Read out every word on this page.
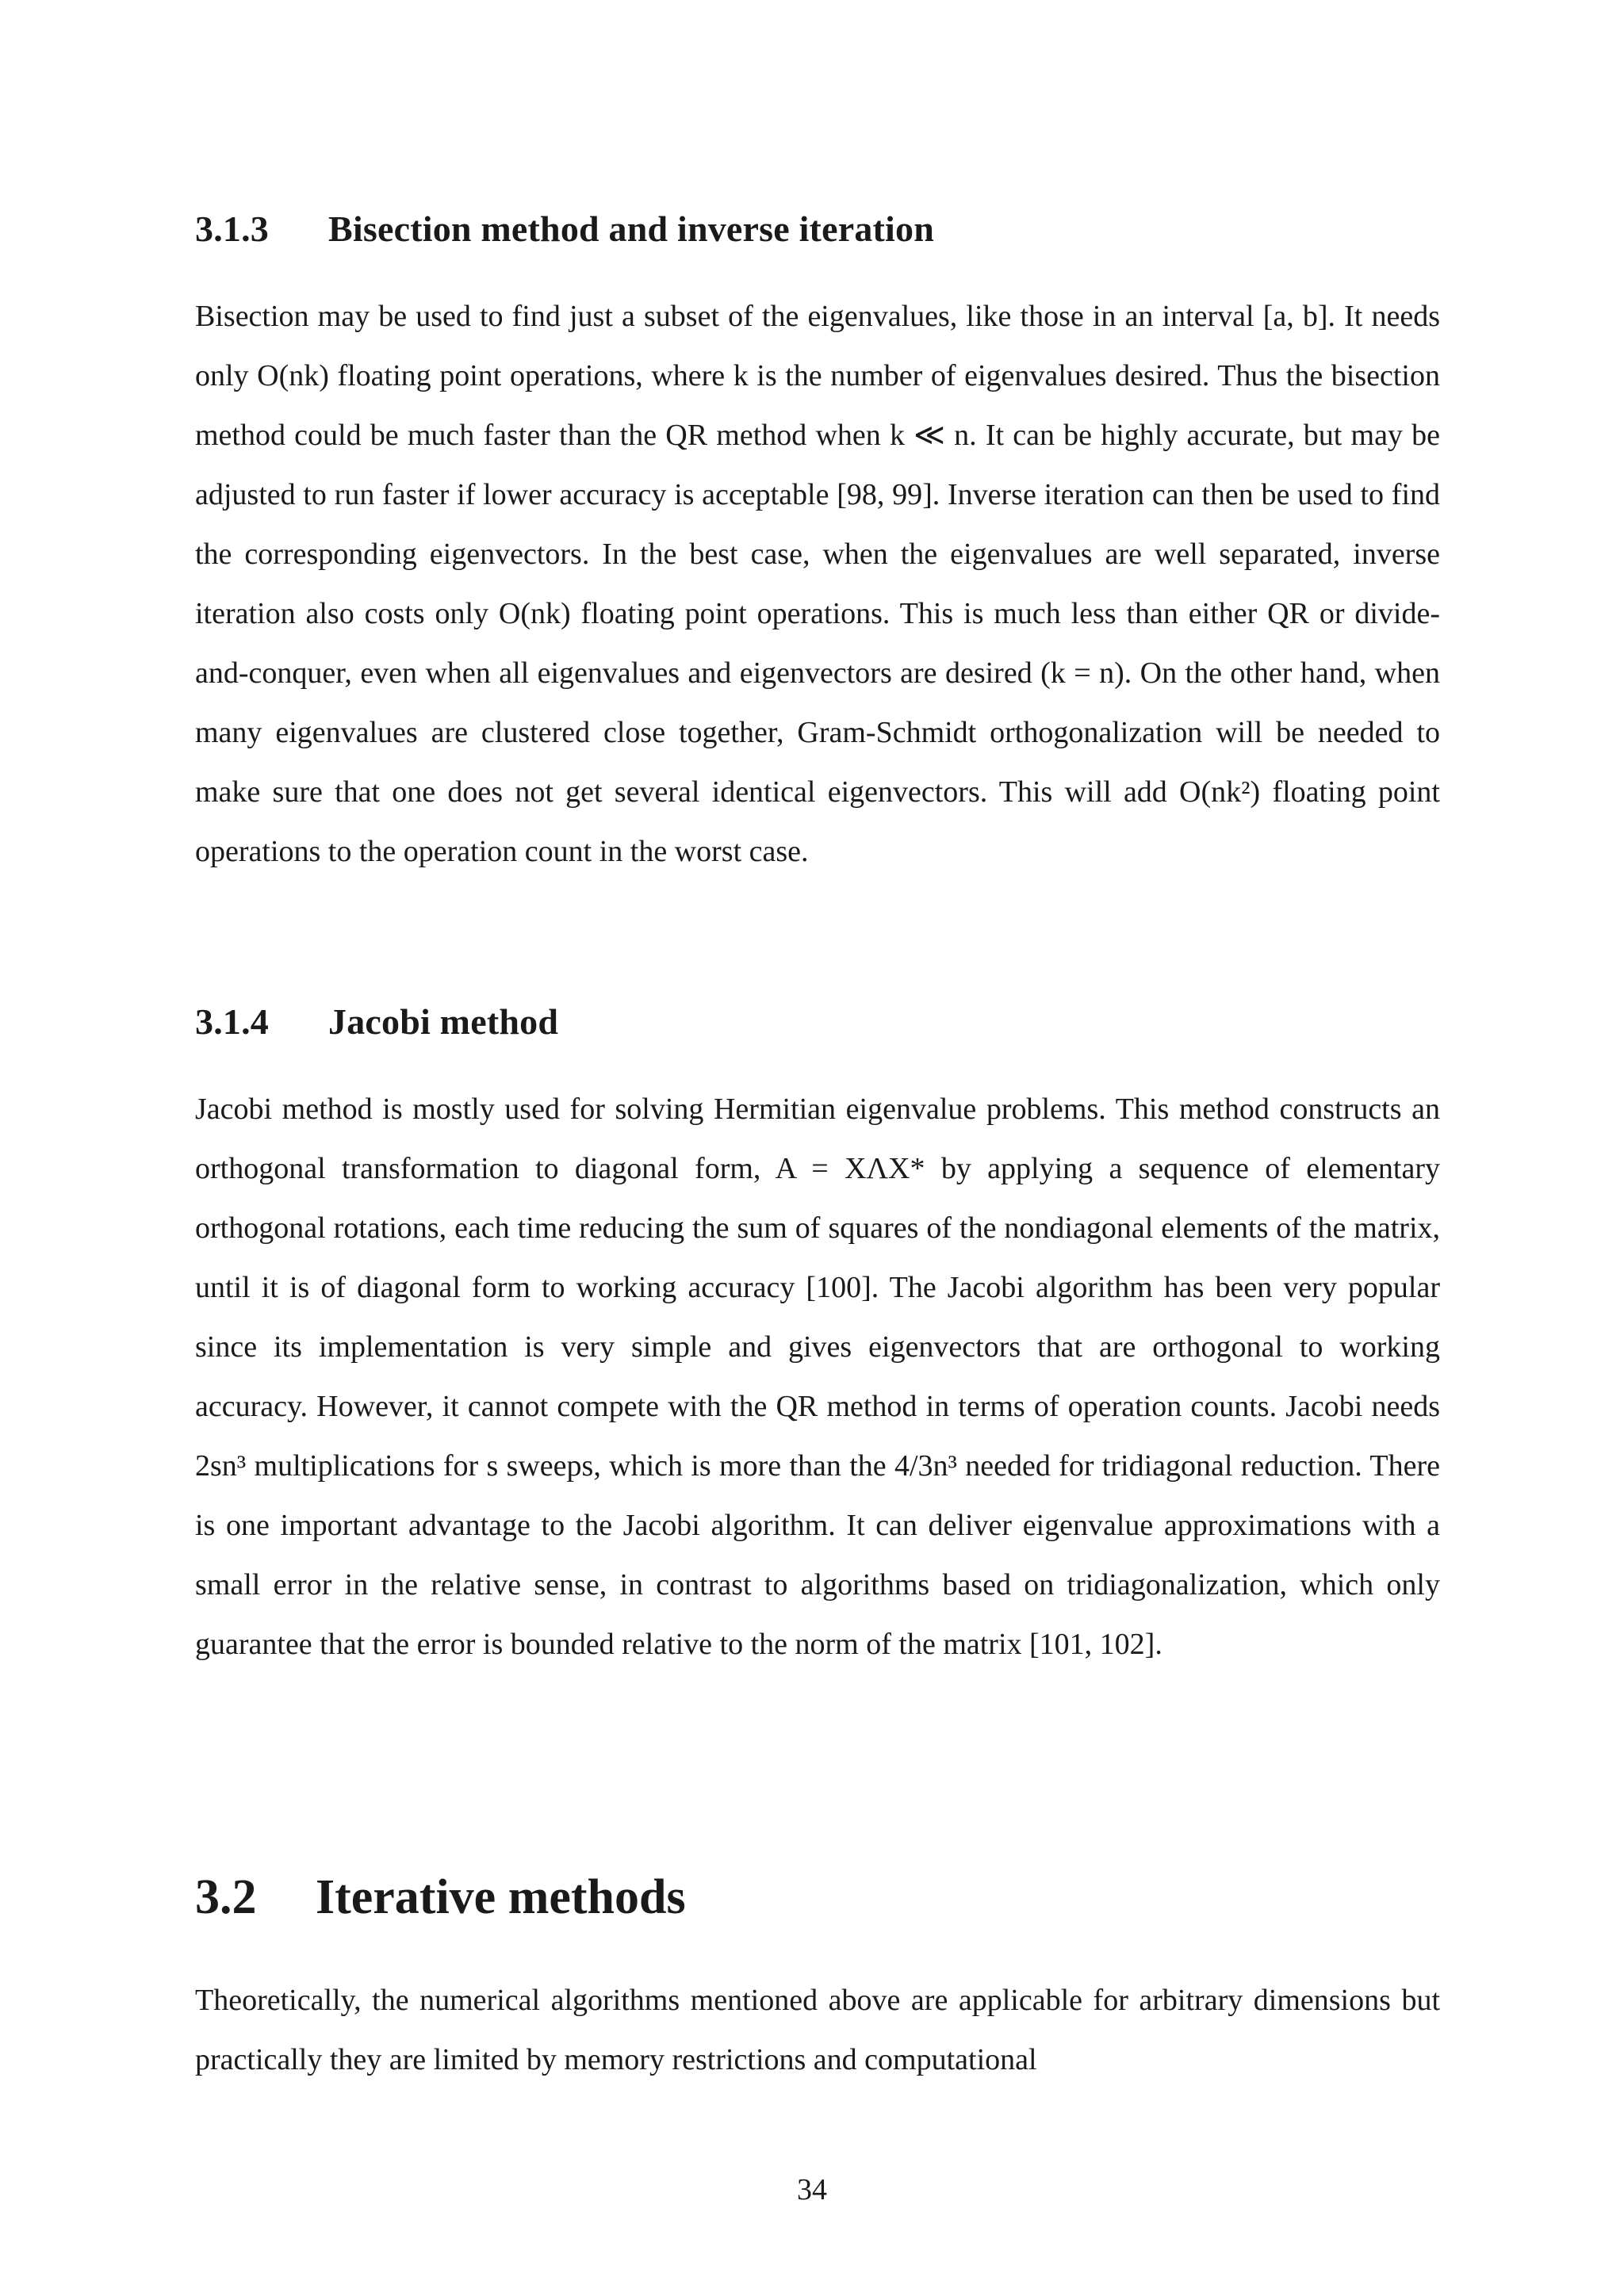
3.1.3 Bisection method and inverse iteration

Bisection may be used to find just a subset of the eigenvalues, like those in an interval [a, b]. It needs only O(nk) floating point operations, where k is the number of eigenvalues desired. Thus the bisection method could be much faster than the QR method when k ≪ n. It can be highly accurate, but may be adjusted to run faster if lower accuracy is acceptable [98, 99]. Inverse iteration can then be used to find the corresponding eigenvectors. In the best case, when the eigenvalues are well separated, inverse iteration also costs only O(nk) floating point operations. This is much less than either QR or divide-and-conquer, even when all eigenvalues and eigenvectors are desired (k = n). On the other hand, when many eigenvalues are clustered close together, Gram-Schmidt orthogonalization will be needed to make sure that one does not get several identical eigenvectors. This will add O(nk²) floating point operations to the operation count in the worst case.

3.1.4 Jacobi method

Jacobi method is mostly used for solving Hermitian eigenvalue problems. This method constructs an orthogonal transformation to diagonal form, A = XΛX* by applying a sequence of elementary orthogonal rotations, each time reducing the sum of squares of the nondiagonal elements of the matrix, until it is of diagonal form to working accuracy [100]. The Jacobi algorithm has been very popular since its implementation is very simple and gives eigenvectors that are orthogonal to working accuracy. However, it cannot compete with the QR method in terms of operation counts. Jacobi needs 2sn³ multiplications for s sweeps, which is more than the 4/3n³ needed for tridiagonal reduction. There is one important advantage to the Jacobi algorithm. It can deliver eigenvalue approximations with a small error in the relative sense, in contrast to algorithms based on tridiagonalization, which only guarantee that the error is bounded relative to the norm of the matrix [101, 102].

3.2 Iterative methods

Theoretically, the numerical algorithms mentioned above are applicable for arbitrary dimensions but practically they are limited by memory restrictions and computational

34
